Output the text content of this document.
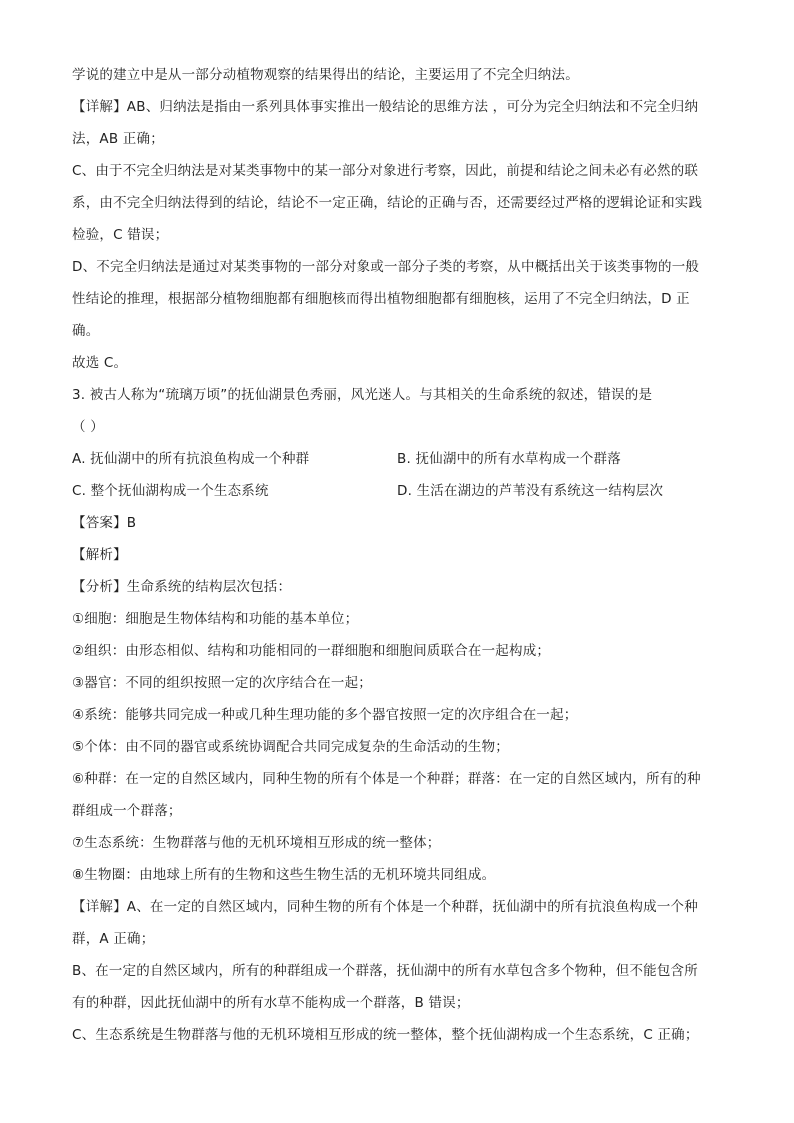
学说的建立中是从一部分动植物观察的结果得出的结论，主要运用了不完全归纳法。
【详解】AB、归纳法是指由一系列具体事实推出一般结论的思维方法 ，可分为完全归纳法和不完全归纳
法，AB 正确；
C、由于不完全归纳法是对某类事物中的某一部分对象进行考察，因此，前提和结论之间未必有必然的联
系，由不完全归纳法得到的结论，结论不一定正确，结论的正确与否，还需要经过严格的逻辑论证和实践
检验，C 错误；
D、不完全归纳法是通过对某类事物的一部分对象或一部分子类的考察，从中概括出关于该类事物的一般
性结论的推理，根据部分植物细胞都有细胞核而得出植物细胞都有细胞核，运用了不完全归纳法，D 正
确。
故选 C。
3. 被古人称为“琉璃万顷”的抚仙湖景色秀丽，风光迷人。与其相关的生命系统的叙述，错误的是
（ ）
A. 抚仙湖中的所有抗浪鱼构成一个种群	B. 抚仙湖中的所有水草构成一个群落
C. 整个抚仙湖构成一个生态系统	D. 生活在湖边的芦苇没有系统这一结构层次
【答案】B
【解析】
【分析】生命系统的结构层次包括：
①细胞：细胞是生物体结构和功能的基本单位；
②组织：由形态相似、结构和功能相同的一群细胞和细胞间质联合在一起构成；
③器官：不同的组织按照一定的次序结合在一起；
④系统：能够共同完成一种或几种生理功能的多个器官按照一定的次序组合在一起；
⑤个体：由不同的器官或系统协调配合共同完成复杂的生命活动的生物；
⑥种群：在一定的自然区域内，同种生物的所有个体是一个种群；群落：在一定的自然区域内，所有的种
群组成一个群落；
⑦生态系统：生物群落与他的无机环境相互形成的统一整体；
⑧生物圈：由地球上所有的生物和这些生物生活的无机环境共同组成。
【详解】A、在一定的自然区域内，同种生物的所有个体是一个种群，抚仙湖中的所有抗浪鱼构成一个种
群，A 正确；
B、在一定的自然区域内，所有的种群组成一个群落，抚仙湖中的所有水草包含多个物种，但不能包含所
有的种群，因此抚仙湖中的所有水草不能构成一个群落，B 错误；
C、生态系统是生物群落与他的无机环境相互形成的统一整体，整个抚仙湖构成一个生态系统，C 正确；
